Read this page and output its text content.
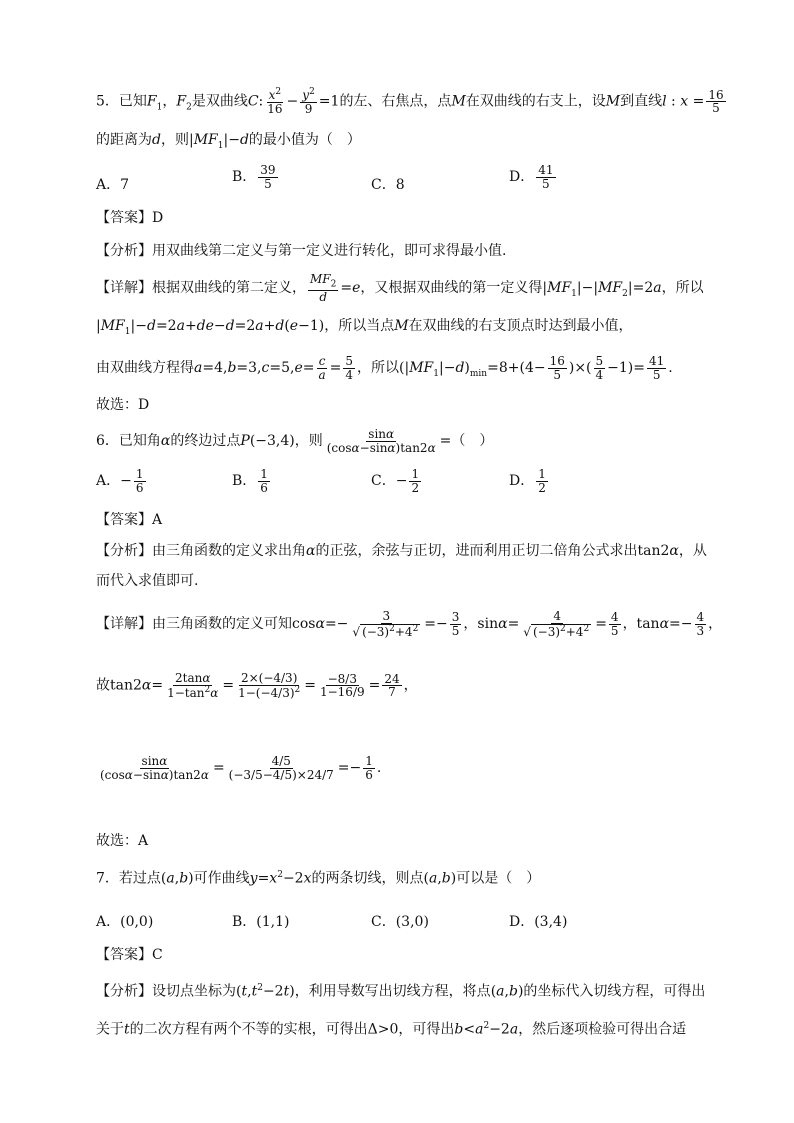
5．已知$F_1$，$F_2$是双曲线C: $\frac{x^2}{16} - \frac{y^2}{9} =1$的左、右焦点，点M在双曲线的右支上，设M到直线l : $x = \frac{16}{5}$
的距离为d，则$|MF_1|-d$的最小值为（　）
A．7	B． $\frac{39}{5}$	C．8	D． $\frac{41}{5}$
【答案】D
【分析】用双曲线第二定义与第一定义进行转化，即可求得最小值.
【详解】根据双曲线的第二定义， $\frac{MF_2}{d} =e$，又根据双曲线的第一定义得$|MF_1|-|MF_2|=2a$，所以
$|MF_1|-d=2a+de-d=2a+d(e-1)$，所以当点M在双曲线的右支顶点时达到最小值，
由双曲线方程得$a=4,b=3,c=5,e= \frac{c}{a} = \frac{5}{4}$ ，所以$(|MF_1|-d)_{min}=8+(4- \frac{16}{5}$ )×( $\frac{5}{4} -1)= \frac{41}{5}$ .
故选：D
6．已知角α的终边过点P(−3,4)，则 $\frac{\sin\alpha}{(\cos\alpha-\sin\alpha)\tan 2\alpha}$ =（　）
A．− $\frac{1}{6}$	B． $\frac{1}{6}$	C．− $\frac{1}{2}$	D． $\frac{1}{2}$
【答案】A
【分析】由三角函数的定义求出角α的正弦，余弦与正切，进而利用正切二倍角公式求出tan2α，从
而代入求值即可.
【详解】由三角函数的定义可知$\cos\alpha=- \frac{3}{√ (-3)^2+4^2} =- \frac{3}{5}$ ，$\sin\alpha= \frac{4}{√ (-3)^2+4^2} = \frac{4}{5}$ ，$\tan\alpha=- \frac{4}{3}$ ，
故$\tan 2\alpha= \frac{2\tan\alpha}{1-\tan^2\alpha} = \frac{2\times(-4/3)}{1-(-4/3)^2} = \frac{-8/3}{1-16/9} = \frac{24}{7}$ ，
$\frac{\sin\alpha}{(\cos\alpha-\sin\alpha)\tan 2\alpha} = \frac{4/5}{(-3/5-4/5)\times 24/7} =- \frac{1}{6}$ .
故选：A
7．若过点(a,b)可作曲线$y=x^2-2x$的两条切线，则点(a,b)可以是（　）
A．(0,0)	B．(1,1)	C．(3,0)	D．(3,4)
【答案】C
【分析】设切点坐标为$(t,t^2-2t)$，利用导数写出切线方程，将点(a,b)的坐标代入切线方程，可得出
关于t的二次方程有两个不等的实根，可得出Δ>0，可得出$b<a^2-2a$，然后逐项检验可得出合适
